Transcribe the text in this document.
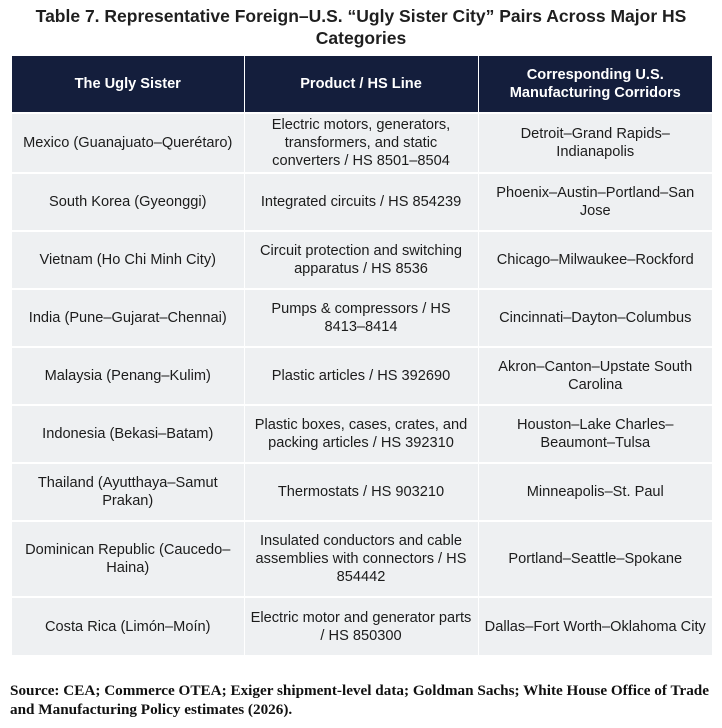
Table 7. Representative Foreign–U.S. “Ugly Sister City” Pairs Across Major HS Categories
The Ugly Sister	Product / HS Line	Corresponding U.S. Manufacturing Corridors
Mexico (Guanajuato–Querétaro)	Electric motors, generators, transformers, and static converters / HS 8501–8504	Detroit–Grand Rapids–Indianapolis
South Korea (Gyeonggi)	Integrated circuits / HS 854239	Phoenix–Austin–Portland–San Jose
Vietnam (Ho Chi Minh City)	Circuit protection and switching apparatus / HS 8536	Chicago–Milwaukee–Rockford
India (Pune–Gujarat–Chennai)	Pumps & compressors / HS 8413–8414	Cincinnati–Dayton–Columbus
Malaysia (Penang–Kulim)	Plastic articles / HS 392690	Akron–Canton–Upstate South Carolina
Indonesia (Bekasi–Batam)	Plastic boxes, cases, crates, and packing articles / HS 392310	Houston–Lake Charles–Beaumont–Tulsa
Thailand (Ayutthaya–Samut Prakan)	Thermostats / HS 903210	Minneapolis–St. Paul
Dominican Republic (Caucedo–Haina)	Insulated conductors and cable assemblies with connectors / HS 854442	Portland–Seattle–Spokane
Costa Rica (Limón–Moín)	Electric motor and generator parts / HS 850300	Dallas–Fort Worth–Oklahoma City
Source: CEA; Commerce OTEA; Exiger shipment-level data; Goldman Sachs; White House Office of Trade and Manufacturing Policy estimates (2026).
